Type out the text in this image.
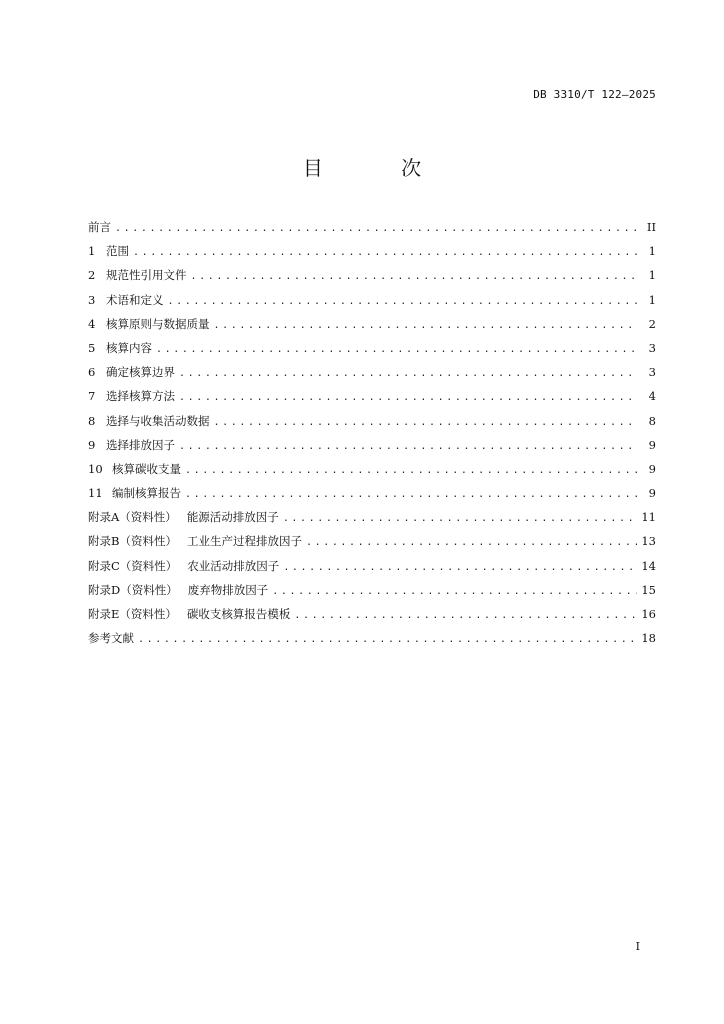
DB 3310/T 122—2025
目 次
前言 .....	II
1 范围 .....	1
2 规范性引用文件 .....	1
3 术语和定义 .....	1
4 核算原则与数据质量 .....	2
5 核算内容 .....	3
6 确定核算边界 .....	3
7 选择核算方法 .....	4
8 选择与收集活动数据 .....	8
9 选择排放因子 .....	9
10 核算碳收支量 .....	9
11 编制核算报告 .....	9
附录A（资料性） 能源活动排放因子 .....	11
附录B（资料性） 工业生产过程排放因子 .....	13
附录C（资料性） 农业活动排放因子 .....	14
附录D（资料性） 废弃物排放因子 .....	15
附录E（资料性） 碳收支核算报告模板 .....	16
参考文献 .....	18
I
